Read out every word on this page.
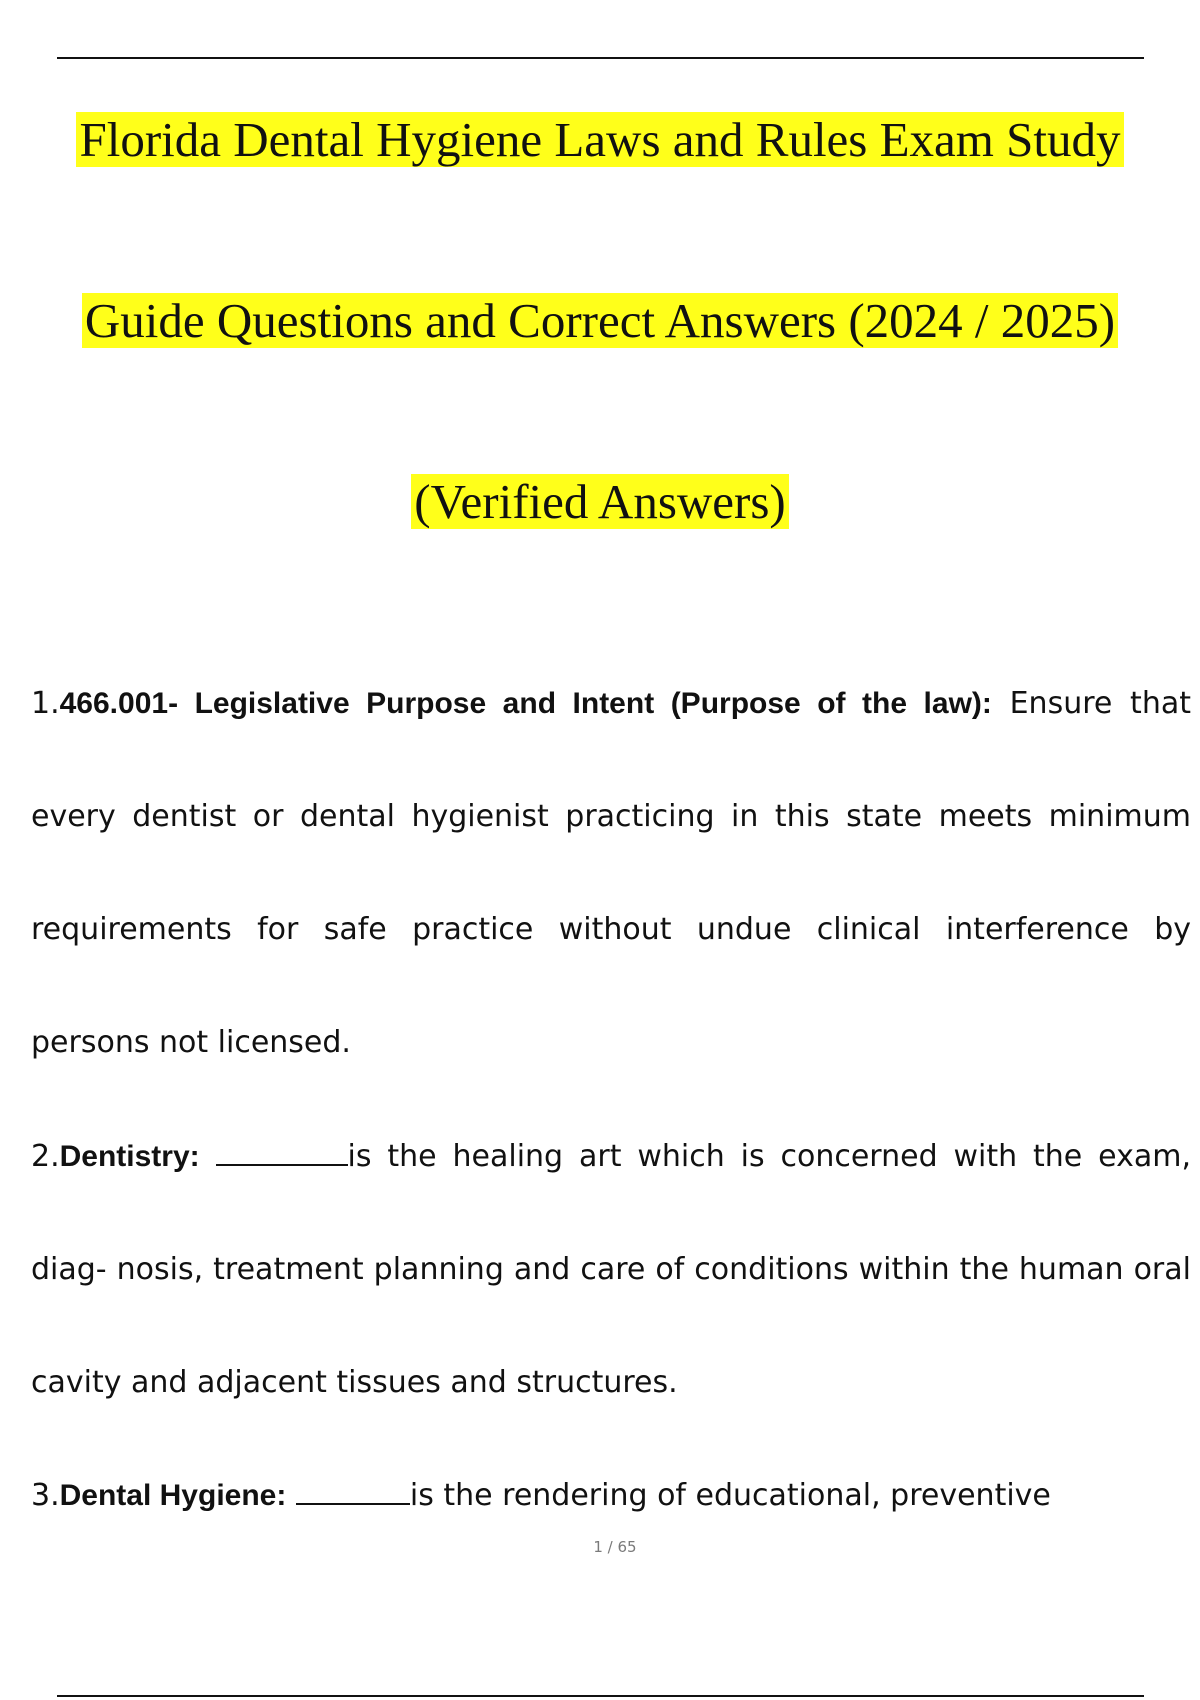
Florida Dental Hygiene Laws and Rules Exam Study
Guide Questions and Correct Answers (2024 / 2025)
(Verified Answers)

1.466.001- Legislative Purpose and Intent (Purpose of the law): Ensure that every dentist or dental hygienist practicing in this state meets minimum requirements for safe practice without undue clinical interference by persons not licensed.

2.Dentistry:	is the healing art which is concerned with the exam, diag- nosis, treatment planning and care of conditions within the human oral cavity and adjacent tissues and structures.

3.Dental Hygiene:	is the rendering of educational, preventive

1 / 65
